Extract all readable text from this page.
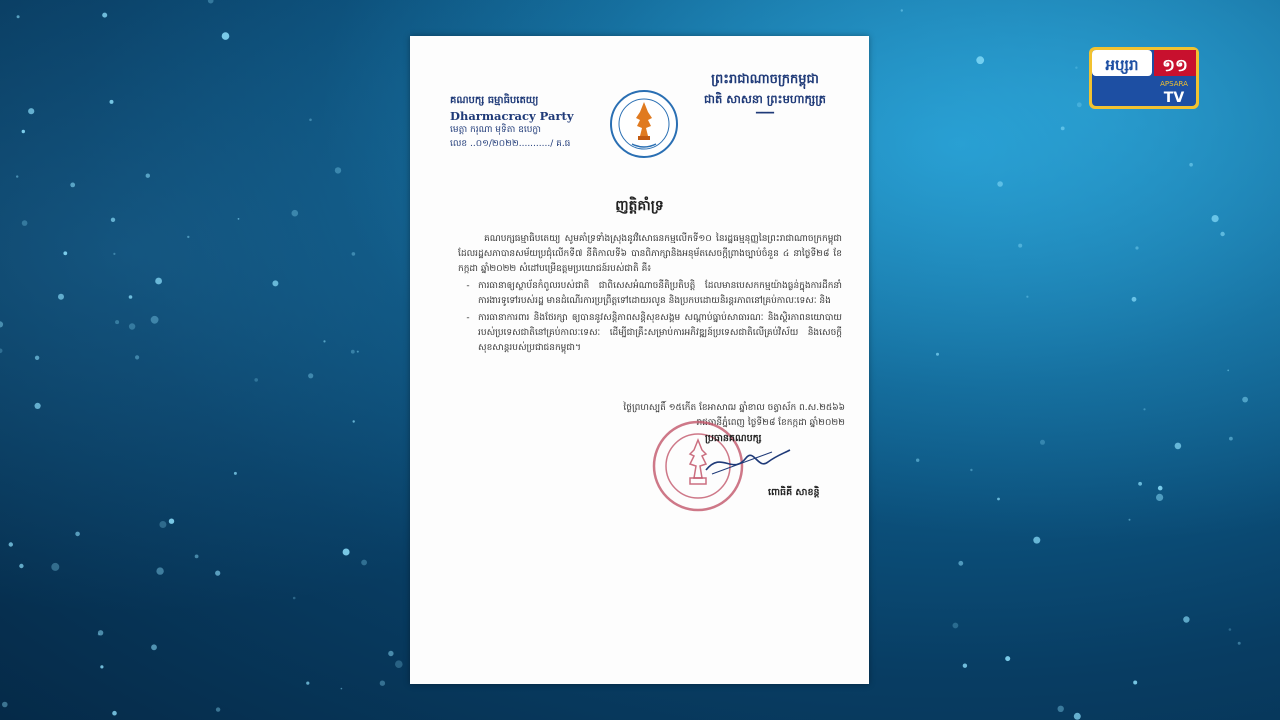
គណបក្ស ធម្មាធិបតេយ្យ
Dharmacracy Party
មេត្តា ករុណា មុទិតា ឧបេក្ខា
លេខ ..០១/២០២២.........../ គ.ធ
ព្រះរាជាណាចក្រកម្ពុជា
ជាតិ សាសនា ព្រះមហាក្សត្រ
━━━
ញត្តិគាំទ្រ
គណបក្សធម្មាធិបតេយ្យ សូមគាំទ្រទាំងស្រុងនូវវិសោធនកម្មលើកទី១០ នៃរដ្ឋធម្មនុញ្ញនៃព្រះរាជាណាចក្រកម្ពុជា ដែលរដ្ឋសភាបានសម័យប្រជុំលើកទី៧ នីតិកាលទី៦ បានពិភាក្សានិងអនុម័តសេចក្តីព្រាងច្បាប់ចំនួន ៤ នាថ្ងៃទី២៨ ខែកក្កដា ឆ្នាំ២០២២ សំដៅបម្រើឧត្តមប្រយោជន៍របស់ជាតិ គឺ៖
- ការធានាឲ្យស្ថាប័នកំពូលរបស់ជាតិ ជាពិសេសអំណាចនីតិប្រតិបត្តិ ដែលមានបេសកកម្មយ៉ាងធ្ងន់ក្នុងការដឹកនាំការងារទូទៅរបស់រដ្ឋ មានដំណើរការប្រព្រឹត្តទៅដោយរលូន និងប្រកបដោយនិរន្តរភាពនៅគ្រប់កាលៈទេសៈ និង
- ការធានាការពារ និងថែរក្សា ឲ្យបាននូវសន្តិភាពសន្តិសុខសង្គម សណ្តាប់ធ្នាប់សាធារណៈ និងស្ថិរភាពនយោបាយរបស់ប្រទេសជាតិនៅគ្រប់កាលៈទេសៈ ដើម្បីជាគ្រឹះសម្រាប់ការអភិវឌ្ឍន៍ប្រទេសជាតិលើគ្រប់វិស័យ និងសេចក្តីសុខសាន្តរបស់ប្រជាជនកម្ពុជា។
ថ្ងៃព្រហស្បតិ៍ ១៥កើត ខែអាសាឍ ឆ្នាំខាល ចត្វាស័ក ព.ស.២៥៦៦
រាជធានីភ្នំពេញ ថ្ងៃទី២៨ ខែកក្កដា ឆ្នាំ២០២២
ប្រធានគណបក្ស
ពោធិគី សាខន្តិ
អប្សរា ១១
APSARA
TV
